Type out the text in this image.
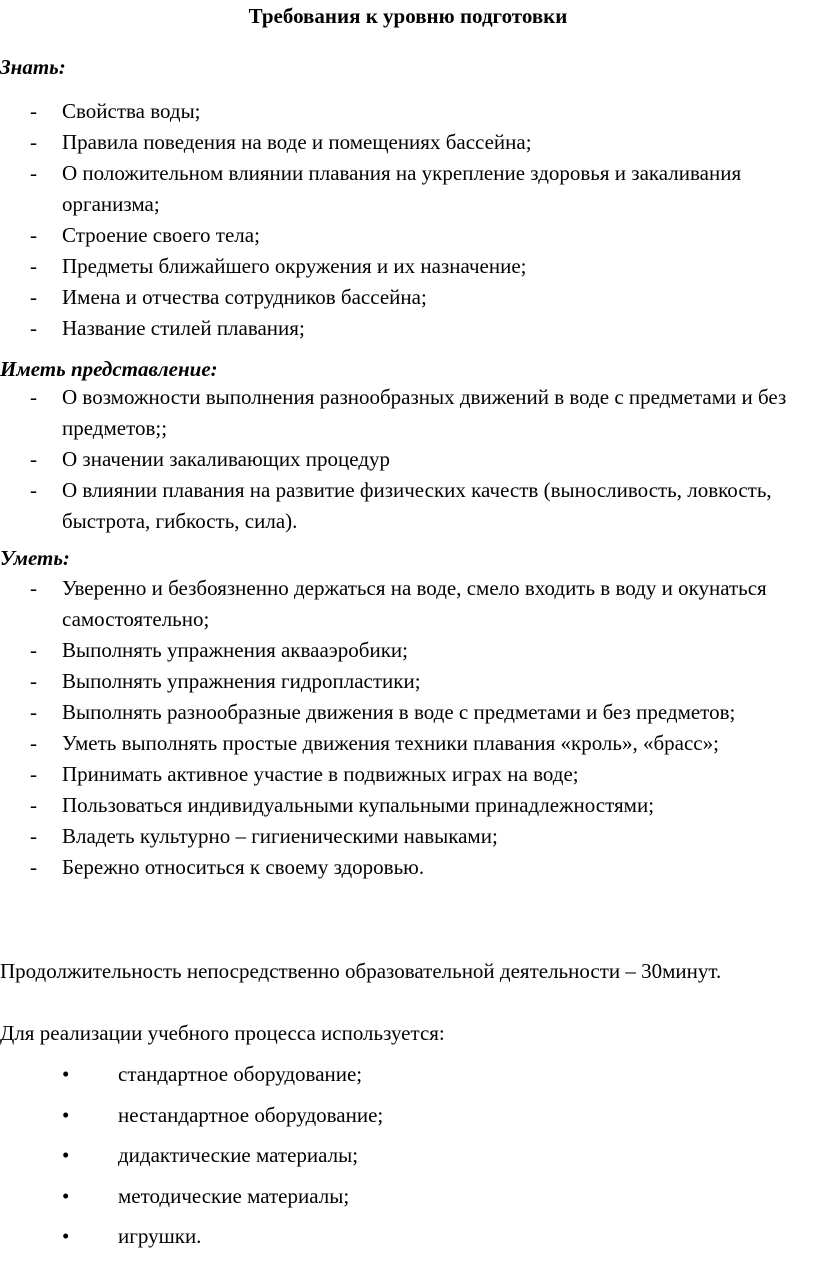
Требования к уровню подготовки
Знать:
- Свойства воды;
- Правила поведения на воде и помещениях бассейна;
- О положительном влиянии плавания на укрепление здоровья и закаливания организма;
- Строение своего тела;
- Предметы ближайшего окружения и их назначение;
- Имена и отчества сотрудников бассейна;
- Название стилей плавания;
Иметь представление:
- О возможности выполнения разнообразных движений в воде с предметами и без предметов;;
- О значении закаливающих процедур
- О влиянии плавания на развитие физических качеств (выносливость, ловкость, быстрота, гибкость, сила).
Уметь:
- Уверенно и безбоязненно держаться на воде, смело входить в воду и окунаться самостоятельно;
- Выполнять упражнения аквааэробики;
- Выполнять упражнения гидропластики;
- Выполнять разнообразные движения в воде с предметами и без предметов;
- Уметь выполнять простые движения техники плавания «кроль», «брасс»;
- Принимать активное участие в подвижных играх на воде;
- Пользоваться индивидуальными купальными принадлежностями;
- Владеть культурно – гигиеническими навыками;
- Бережно относиться к своему здоровью.
Продолжительность непосредственно образовательной деятельности – 30минут.
Для реализации учебного процесса используется:
• стандартное оборудование;
• нестандартное оборудование;
• дидактические материалы;
• методические материалы;
• игрушки.
